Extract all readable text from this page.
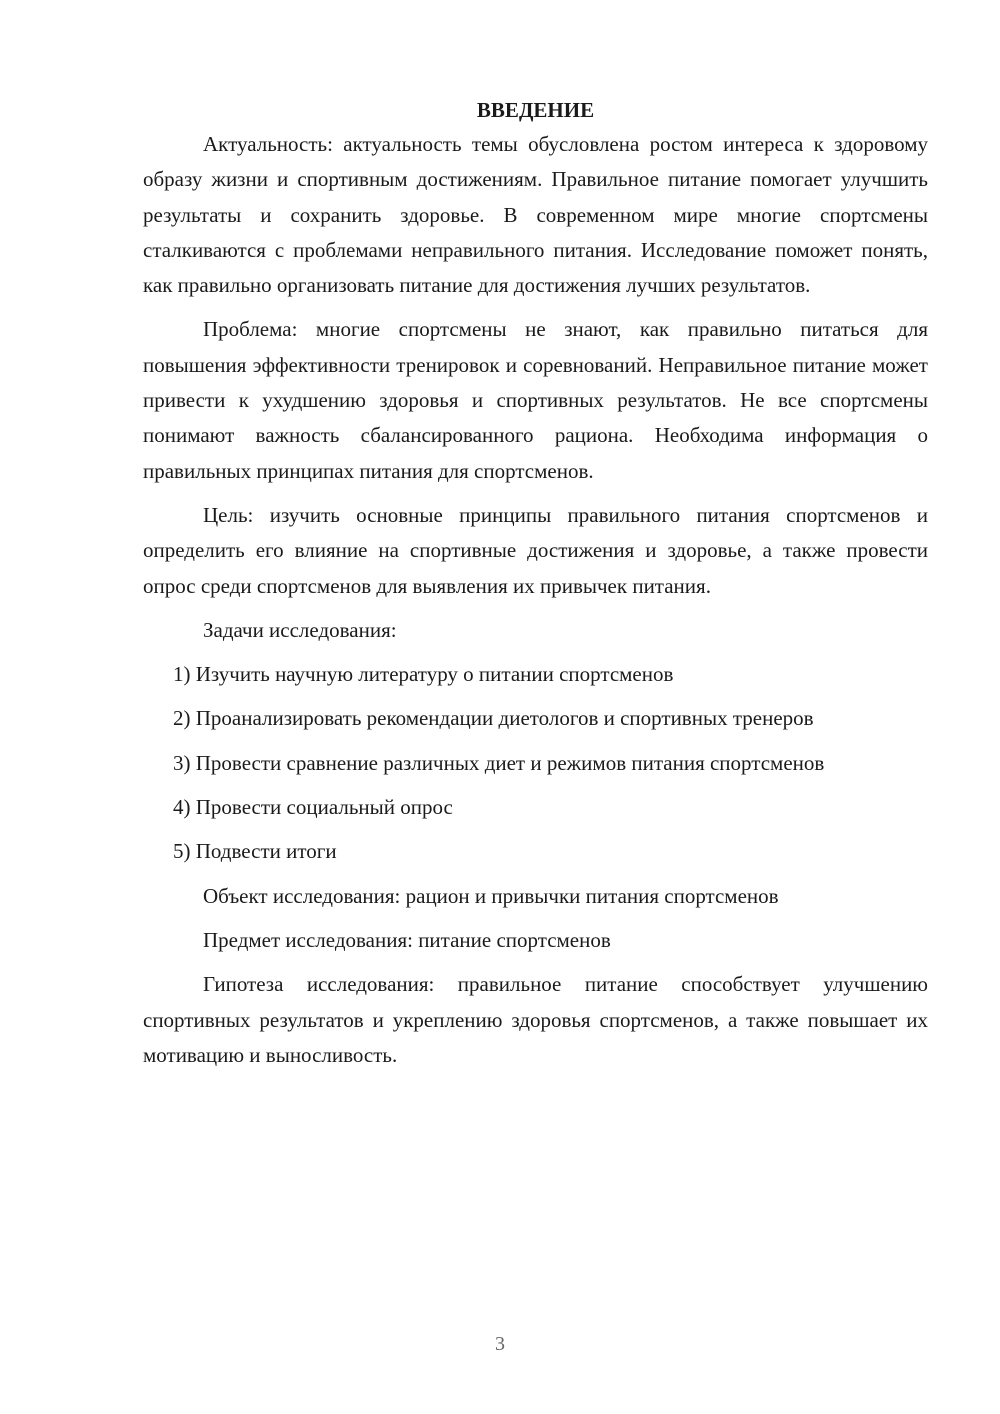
ВВЕДЕНИЕ

Актуальность: актуальность темы обусловлена ростом интереса к здоровому образу жизни и спортивным достижениям. Правильное питание помогает улучшить результаты и сохранить здоровье. В современном мире многие спортсмены сталкиваются с проблемами неправильного питания. Исследование поможет понять, как правильно организовать питание для достижения лучших результатов.

Проблема: многие спортсмены не знают, как правильно питаться для повышения эффективности тренировок и соревнований. Неправильное питание может привести к ухудшению здоровья и спортивных результатов. Не все спортсмены понимают важность сбалансированного рациона. Необходима информация о правильных принципах питания для спортсменов.

Цель: изучить основные принципы правильного питания спортсменов и определить его влияние на спортивные достижения и здоровье, а также провести опрос среди спортсменов для выявления их привычек питания.

Задачи исследования:

1) Изучить научную литературу о питании спортсменов

2) Проанализировать рекомендации диетологов и спортивных тренеров

3) Провести сравнение различных диет и режимов питания спортсменов

4) Провести социальный опрос

5) Подвести итоги

Объект исследования: рацион и привычки питания спортсменов

Предмет исследования: питание спортсменов

Гипотеза исследования: правильное питание способствует улучшению спортивных результатов и укреплению здоровья спортсменов, а также повышает их мотивацию и выносливость.

3
